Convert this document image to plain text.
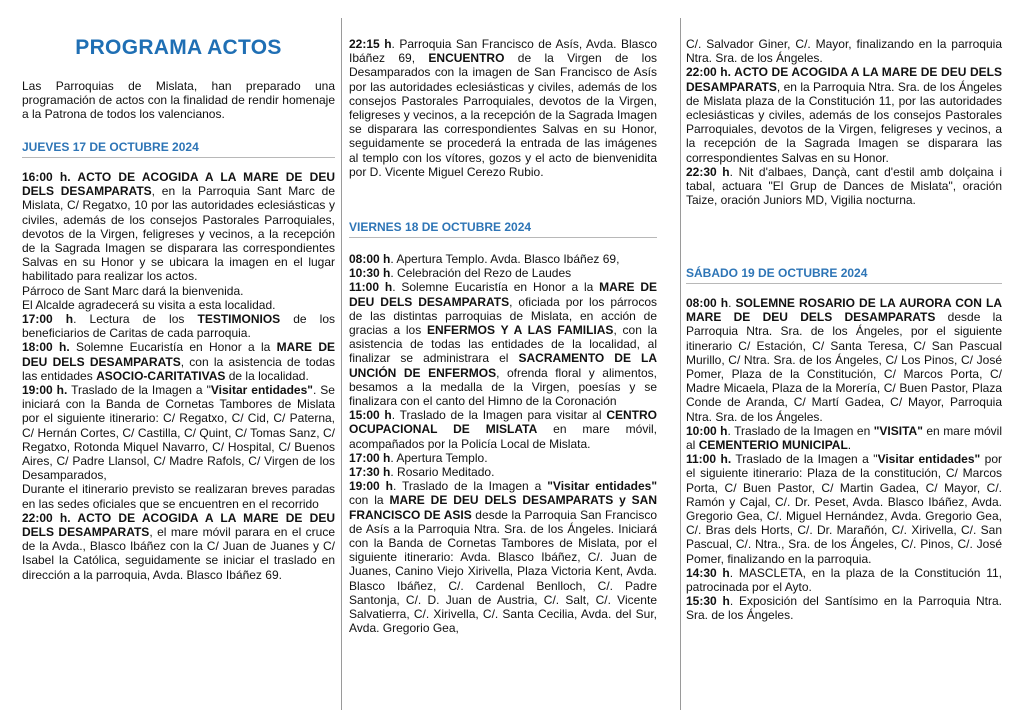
PROGRAMA ACTOS

Las Parroquias de Mislata, han preparado una programación de actos con la finalidad de rendir homenaje a la Patrona de todos los valencianos.

JUEVES 17 DE OCTUBRE 2024

16:00 h. ACTO DE ACOGIDA A LA MARE DE DEU DELS DESAMPARATS, en la Parroquia Sant Marc de Mislata, C/ Regatxo, 10 por las autoridades eclesiásticas y civiles, además de los consejos Pastorales Parroquiales, devotos de la Virgen, feligreses y vecinos, a la recepción de la Sagrada Imagen se disparara las correspondientes Salvas en su Honor y se ubicara la imagen en el lugar habilitado para realizar los actos.

Párroco de Sant Marc dará la bienvenida.

El Alcalde agradecerá su visita a esta localidad.

17:00 h. Lectura de los TESTIMONIOS de los beneficiarios de Caritas de cada parroquia.

18:00 h. Solemne Eucaristía en Honor a la MARE DE DEU DELS DESAMPARATS, con la asistencia de todas las entidades ASOCIO-CARITATIVAS de la localidad.

19:00 h. Traslado de la Imagen a "Visitar entidades". Se iniciará con la Banda de Cornetas Tambores de Mislata por el siguiente itinerario: C/ Regatxo, C/ Cid, C/ Paterna, C/ Hernán Cortes, C/ Castilla, C/ Quint, C/ Tomas Sanz, C/ Regatxo, Rotonda Miquel Navarro, C/ Hospital, C/ Buenos Aires, C/ Padre Llansol, C/ Madre Rafols, C/ Virgen de los Desamparados,

Durante el itinerario previsto se realizaran breves paradas en las sedes oficiales que se encuentren en el recorrido

22:00 h. ACTO DE ACOGIDA A LA MARE DE DEU DELS DESAMPARATS, el mare móvil parara en el cruce de la Avda., Blasco Ibáñez con la C/ Juan de Juanes y C/ Isabel la Católica, seguidamente se iniciar el traslado en dirección a la parroquia, Avda. Blasco Ibáñez 69.

22:15 h. Parroquia San Francisco de Asís, Avda. Blasco Ibáñez 69, ENCUENTRO de la Virgen de los Desamparados con la imagen de San Francisco de Asís por las autoridades eclesiásticas y civiles, además de los consejos Pastorales Parroquiales, devotos de la Virgen, feligreses y vecinos, a la recepción de la Sagrada Imagen se disparara las correspondientes Salvas en su Honor, seguidamente se procederá la entrada de las imágenes al templo con los vítores, gozos y el acto de bienvenidita por D. Vicente Miguel Cerezo Rubio.

VIERNES 18 DE OCTUBRE 2024

08:00 h. Apertura Templo. Avda. Blasco Ibáñez 69,

10:30 h. Celebración del Rezo de Laudes

11:00 h. Solemne Eucaristía en Honor a la MARE DE DEU DELS DESAMPARATS, oficiada por los párrocos de las distintas parroquias de Mislata, en acción de gracias a los ENFERMOS Y A LAS FAMILIAS, con la asistencia de todas las entidades de la localidad, al finalizar se administrara el SACRAMENTO DE LA UNCIÓN DE ENFERMOS, ofrenda floral y alimentos, besamos a la medalla de la Virgen, poesías y se finalizara con el canto del Himno de la Coronación

15:00 h. Traslado de la Imagen para visitar al CENTRO OCUPACIONAL DE MISLATA en mare móvil, acompañados por la Policía Local de Mislata.

17:00 h. Apertura Templo.

17:30 h. Rosario Meditado.

19:00 h. Traslado de la Imagen a "Visitar entidades" con la MARE DE DEU DELS DESAMPARATS y SAN FRANCISCO DE ASIS desde la Parroquia San Francisco de Asís a la Parroquia Ntra. Sra. de los Ángeles. Iniciará con la Banda de Cornetas Tambores de Mislata, por el siguiente itinerario: Avda. Blasco Ibáñez, C/. Juan de Juanes, Canino Viejo Xirivella, Plaza Victoria Kent, Avda. Blasco Ibáñez, C/. Cardenal Benlloch, C/. Padre Santonja, C/. D. Juan de Austria, C/. Salt, C/. Vicente Salvatierra, C/. Xirivella, C/. Santa Cecilia, Avda. del Sur, Avda. Gregorio Gea,

C/. Salvador Giner, C/. Mayor, finalizando en la parroquia Ntra. Sra. de los Ángeles.

22:00 h. ACTO DE ACOGIDA A LA MARE DE DEU DELS DESAMPARATS, en la Parroquia Ntra. Sra. de los Ángeles de Mislata plaza de la Constitución 11, por las autoridades eclesiásticas y civiles, además de los consejos Pastorales Parroquiales, devotos de la Virgen, feligreses y vecinos, a la recepción de la Sagrada Imagen se disparara las correspondientes Salvas en su Honor.

22:30 h. Nit d'albaes, Dançà, cant d'estil amb dolçaina i tabal, actuara "El Grup de Dances de Mislata", oración Taize, oración Juniors MD, Vigilia nocturna.

SÁBADO 19 DE OCTUBRE 2024

08:00 h. SOLEMNE ROSARIO DE LA AURORA CON LA MARE DE DEU DELS DESAMPARATS desde la Parroquia Ntra. Sra. de los Ángeles, por el siguiente itinerario C/ Estación, C/ Santa Teresa, C/ San Pascual Murillo, C/ Ntra. Sra. de los Ángeles, C/ Los Pinos, C/ José Pomer, Plaza de la Constitución, C/ Marcos Porta, C/ Madre Micaela, Plaza de la Morería, C/ Buen Pastor, Plaza Conde de Aranda, C/ Martí Gadea, C/ Mayor, Parroquia Ntra. Sra. de los Ángeles.

10:00 h. Traslado de la Imagen en "VISITA" en mare móvil al CEMENTERIO MUNICIPAL.

11:00 h. Traslado de la Imagen a "Visitar entidades" por el siguiente itinerario: Plaza de la constitución, C/ Marcos Porta, C/ Buen Pastor, C/ Martin Gadea, C/ Mayor, C/. Ramón y Cajal, C/. Dr. Peset, Avda. Blasco Ibáñez, Avda. Gregorio Gea, C/. Miguel Hernández, Avda. Gregorio Gea, C/. Bras dels Horts, C/. Dr. Marañón, C/. Xirivella, C/. San Pascual, C/. Ntra., Sra. de los Ángeles, C/. Pinos, C/. José Pomer, finalizando en la parroquia.

14:30 h. MASCLETA, en la plaza de la Constitución 11, patrocinada por el Ayto.

15:30 h. Exposición del Santísimo en la Parroquia Ntra. Sra. de los Ángeles.
